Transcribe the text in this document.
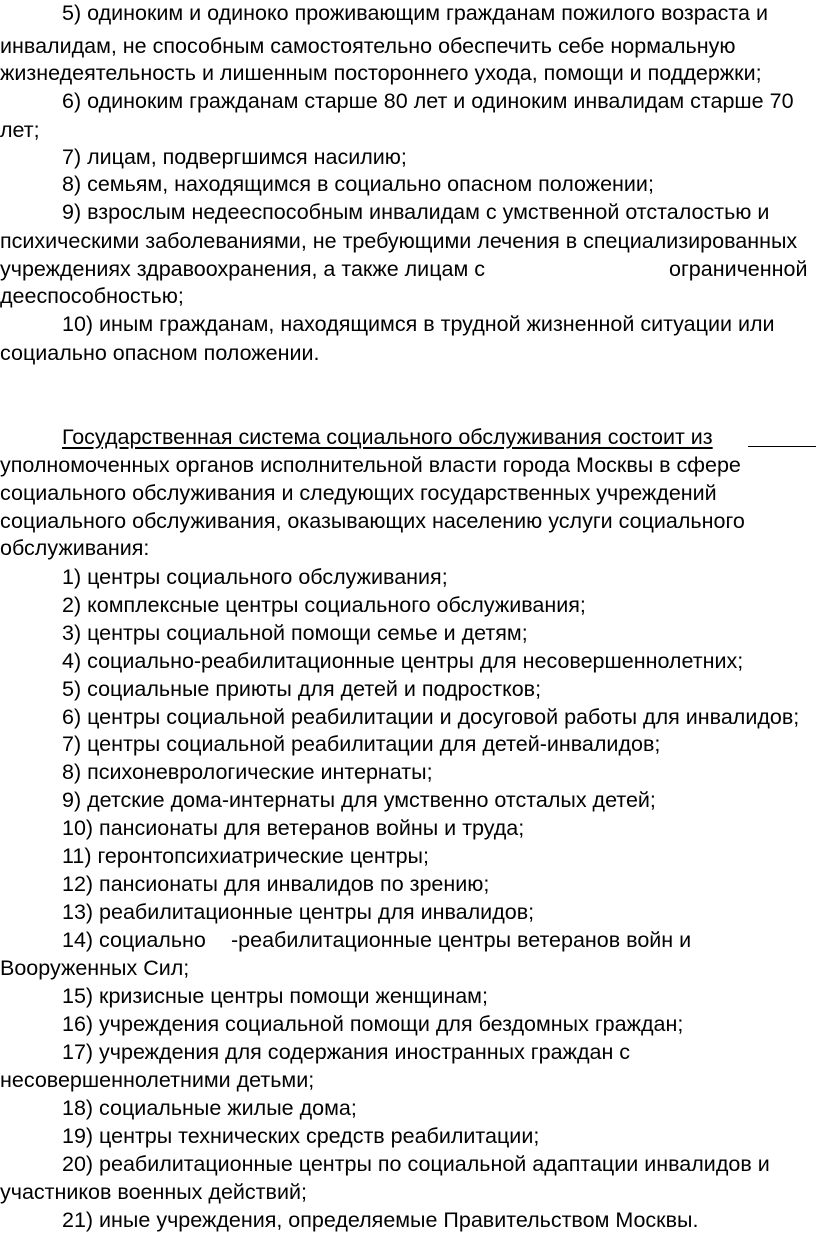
5) одиноким и одиноко проживающим гражданам пожилого возраста и
инвалидам, не способным самостоятельно обеспечить себе нормальную
жизнедеятельность и лишенным постороннего ухода, помощи и поддержки;
6) одиноким гражданам старше 80 лет и одиноким инвалидам старше 70
лет;
7) лицам, подвергшимся насилию;
8) семьям, находящимся в социально опасном положении;
9) взрослым недееспособным инвалидам с умственной отсталостью и
психическими заболеваниями, не требующими лечения в специализированных
учреждениях здравоохранения, а также лицам с	ограниченной
дееспособностью;
10) иным гражданам, находящимся в трудной жизненной ситуации или
социально опасном положении.
Государственная система социального обслуживания состоит из
уполномоченных органов исполнительной власти города Москвы в сфере
социального обслуживания и следующих государственных учреждений
социального обслуживания, оказывающих населению услуги социального
обслуживания:
1) центры социального обслуживания;
2) комплексные центры социального обслуживания;
3) центры социальной помощи семье и детям;
4) социально-реабилитационные центры для несовершеннолетних;
5) социальные приюты для детей и подростков;
6) центры социальной реабилитации и досуговой работы для инвалидов;
7) центры социальной реабилитации для детей-инвалидов;
8) психоневрологические интернаты;
9) детские дома-интернаты для умственно отсталых детей;
10) пансионаты для ветеранов войны и труда;
11) геронтопсихиатрические центры;
12) пансионаты для инвалидов по зрению;
13) реабилитационные центры для инвалидов;
14) социально -реабилитационные центры ветеранов войн и
Вооруженных Сил;
15) кризисные центры помощи женщинам;
16) учреждения социальной помощи для бездомных граждан;
17) учреждения для содержания иностранных граждан с
несовершеннолетними детьми;
18) социальные жилые дома;
19) центры технических средств реабилитации;
20) реабилитационные центры по социальной адаптации инвалидов и
участников военных действий;
21) иные учреждения, определяемые Правительством Москвы.
